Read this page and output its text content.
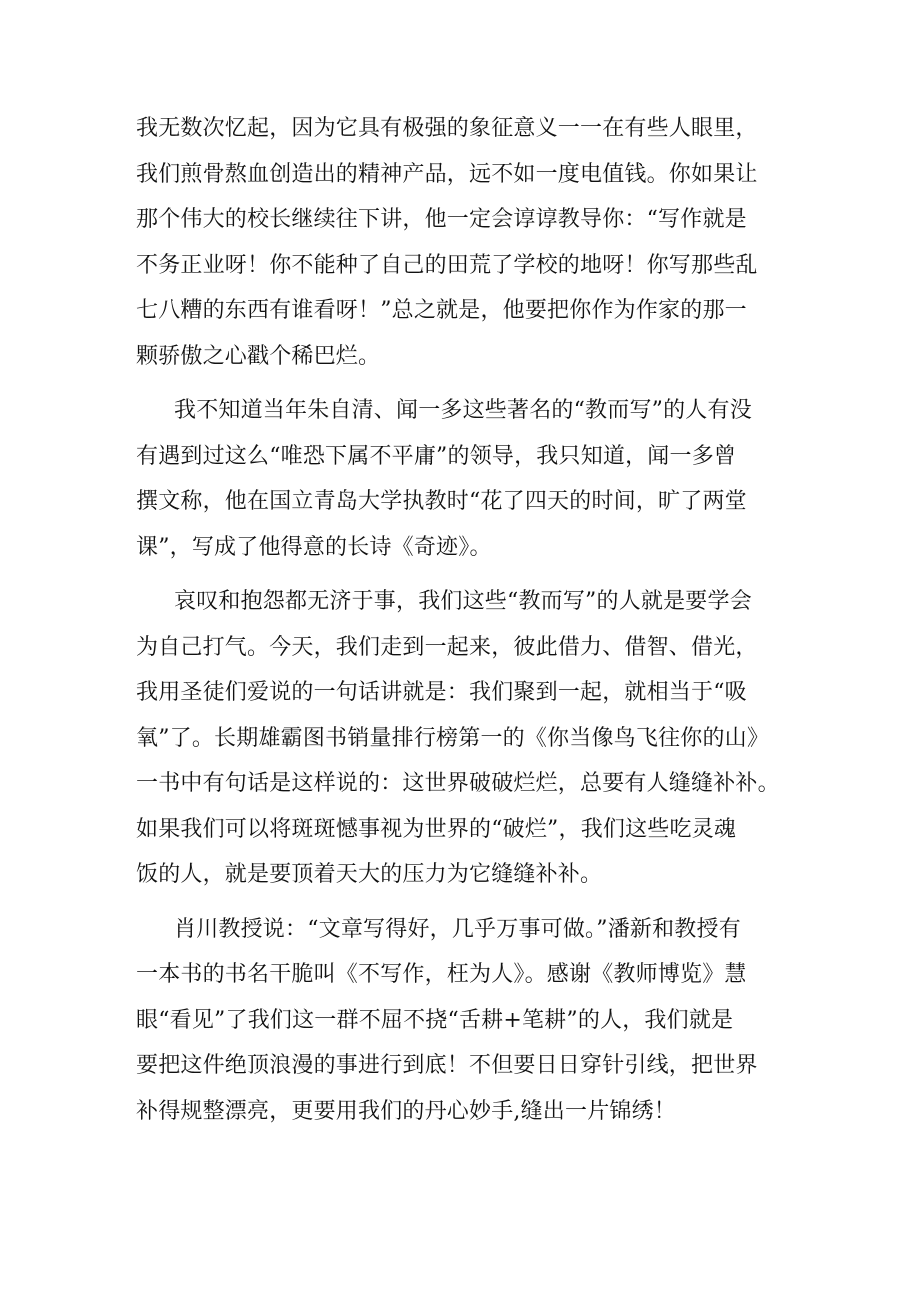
我无数次忆起，因为它具有极强的象征意义一一在有些人眼里，
我们煎骨熬血创造出的精神产品，远不如一度电值钱。你如果让
那个伟大的校长继续往下讲，他一定会谆谆教导你：“写作就是
不务正业呀！你不能种了自己的田荒了学校的地呀！你写那些乱
七八糟的东西有谁看呀！”总之就是，他要把你作为作家的那一
颗骄傲之心戳个稀巴烂。
我不知道当年朱自清、闻一多这些著名的“教而写”的人有没
有遇到过这么“唯恐下属不平庸”的领导，我只知道，闻一多曾
撰文称，他在国立青岛大学执教时“花了四天的时间，旷了两堂
课”，写成了他得意的长诗《奇迹》。
哀叹和抱怨都无济于事，我们这些“教而写”的人就是要学会
为自己打气。今天，我们走到一起来，彼此借力、借智、借光，
我用圣徒们爱说的一句话讲就是：我们聚到一起，就相当于“吸
氧”了。长期雄霸图书销量排行榜第一的《你当像鸟飞往你的山》
一书中有句话是这样说的：这世界破破烂烂，总要有人缝缝补补。
如果我们可以将斑斑憾事视为世界的“破烂”，我们这些吃灵魂
饭的人，就是要顶着天大的压力为它缝缝补补。
肖川教授说：“文章写得好，几乎万事可做。”潘新和教授有
一本书的书名干脆叫《不写作，枉为人》。感谢《教师博览》慧
眼“看见”了我们这一群不屈不挠“舌耕+笔耕”的人，我们就是
要把这件绝顶浪漫的事进行到底！不但要日日穿针引线，把世界
补得规整漂亮，更要用我们的丹心妙手,缝出一片锦绣！
